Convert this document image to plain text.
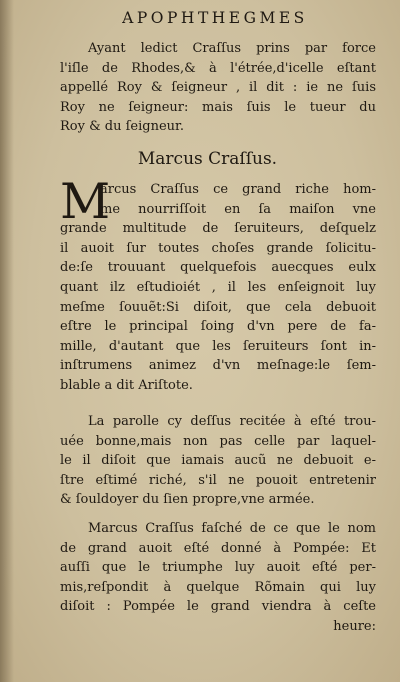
APOPHTHEGMES
Ayant ledict Craſſus prins par force
l'iſle de Rhodes,& à l'étrée,d'icelle eſtant
appellé Roy & ſeigneur , il dit : ie ne ſuis
Roy ne ſeigneur: mais ſuis le tueur du
Roy & du ſeigneur.
Marcus Craſſus.
M
arcus Craſſus ce grand riche hom-
me nourriſſoit en ſa maiſon vne
grande multitude de ſeruiteurs, deſquelz
il auoit ſur toutes choſes grande ſolicitu-
de:ſe trouuant quelquefois auecques eulx
quant ilz eſtudioiét , il les enſeignoit luy
meſme ſouuẽt:Si diſoit, que cela debuoit
eſtre le principal ſoing d'vn pere de fa-
mille, d'autant que les ſeruiteurs ſont in-
inſtrumens animez d'vn meſnage:le ſem-
blable a dit Ariſtote.
La parolle cy deſſus recitée à eſté trou-
uée bonne,mais non pas celle par laquel-
le il diſoit que iamais aucũ ne debuoit e-
ſtre eſtimé riché, s'il ne pouoit entretenir
& ſouldoyer du ſien propre,vne armée.
Marcus Craſſus faſché de ce que le nom
de grand auoit eſté donné à Pompée: Et
auſſi que le triumphe luy auoit eſté per-
mis,reſpondit à quelque Rõmain qui luy
diſoit : Pompée le grand viendra à ceſte
heure:
